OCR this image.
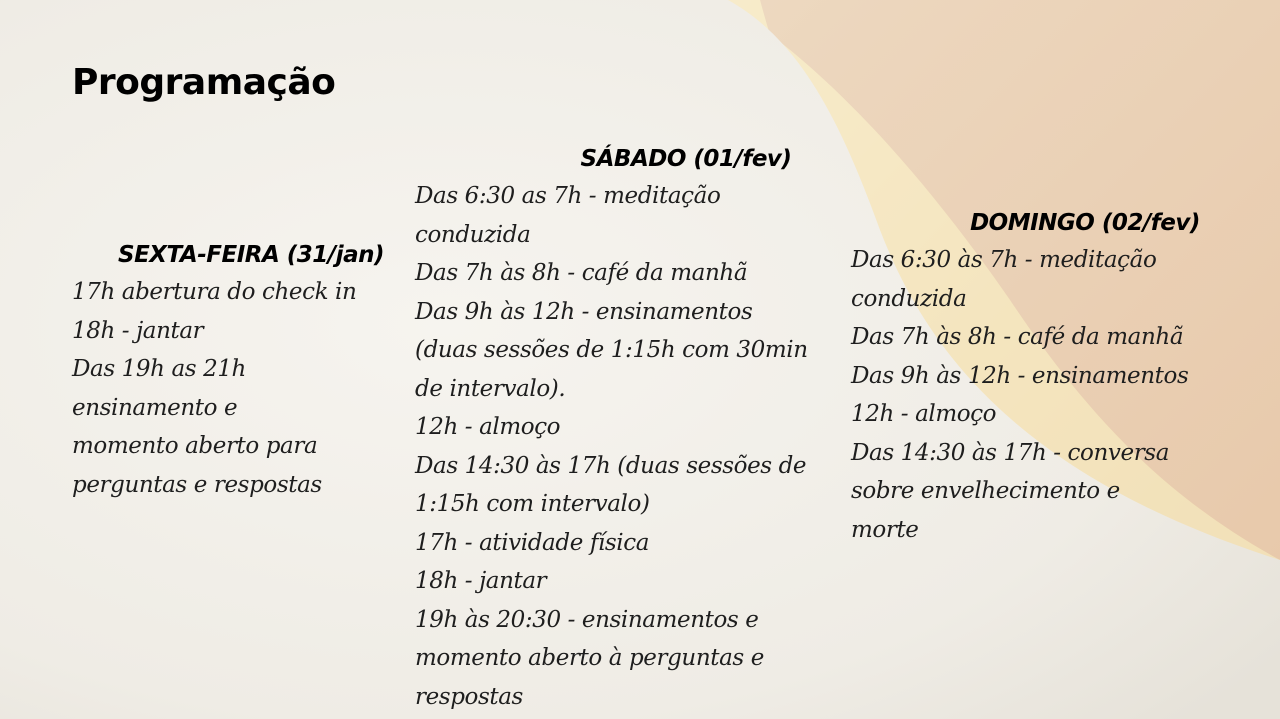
Programação
SEXTA-FEIRA (31/jan)
17h abertura do check in
18h - jantar
Das 19h as 21h
ensinamento e
momento aberto para
perguntas e respostas
SÁBADO (01/fev)
Das 6:30 as 7h - meditação
conduzida
Das 7h às 8h - café da manhã
Das 9h às 12h - ensinamentos
(duas sessões de 1:15h com 30min
de intervalo).
12h - almoço
Das 14:30 às 17h (duas sessões de
1:15h com intervalo)
17h - atividade física
18h - jantar
19h às 20:30 - ensinamentos e
momento aberto à perguntas e
respostas
DOMINGO (02/fev)
Das 6:30 às 7h - meditação
conduzida
Das 7h às 8h - café da manhã
Das 9h às 12h - ensinamentos
12h - almoço
Das 14:30 às 17h - conversa
sobre envelhecimento e
morte
